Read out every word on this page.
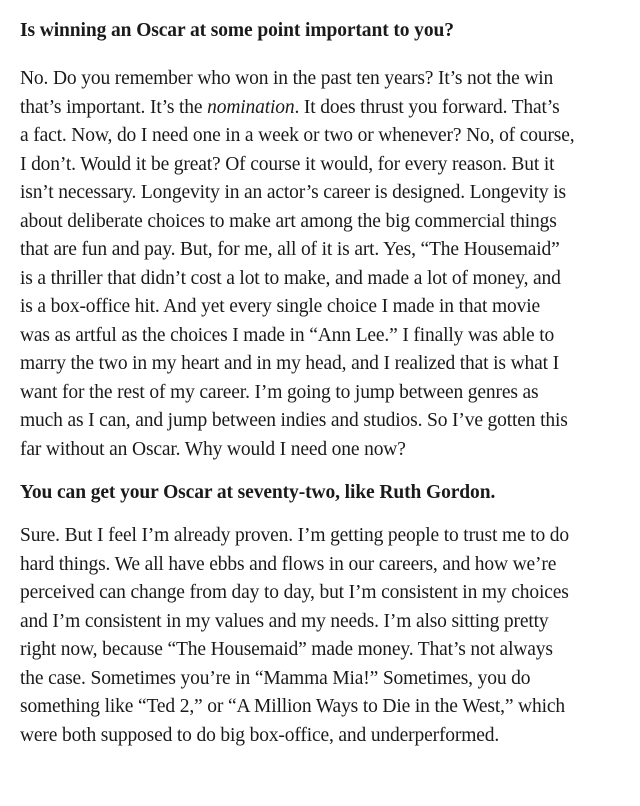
Is winning an Oscar at some point important to you?

No. Do you remember who won in the past ten years? It’s not the win
that’s important. It’s the nomination. It does thrust you forward. That’s
a fact. Now, do I need one in a week or two or whenever? No, of course,
I don’t. Would it be great? Of course it would, for every reason. But it
isn’t necessary. Longevity in an actor’s career is designed. Longevity is
about deliberate choices to make art among the big commercial things
that are fun and pay. But, for me, all of it is art. Yes, “The Housemaid”
is a thriller that didn’t cost a lot to make, and made a lot of money, and
is a box-office hit. And yet every single choice I made in that movie
was as artful as the choices I made in “Ann Lee.” I finally was able to
marry the two in my heart and in my head, and I realized that is what I
want for the rest of my career. I’m going to jump between genres as
much as I can, and jump between indies and studios. So I’ve gotten this
far without an Oscar. Why would I need one now?

You can get your Oscar at seventy-two, like Ruth Gordon.

Sure. But I feel I’m already proven. I’m getting people to trust me to do
hard things. We all have ebbs and flows in our careers, and how we’re
perceived can change from day to day, but I’m consistent in my choices
and I’m consistent in my values and my needs. I’m also sitting pretty
right now, because “The Housemaid” made money. That’s not always
the case. Sometimes you’re in “Mamma Mia!” Sometimes, you do
something like “Ted 2,” or “A Million Ways to Die in the West,” which
were both supposed to do big box-office, and underperformed.
